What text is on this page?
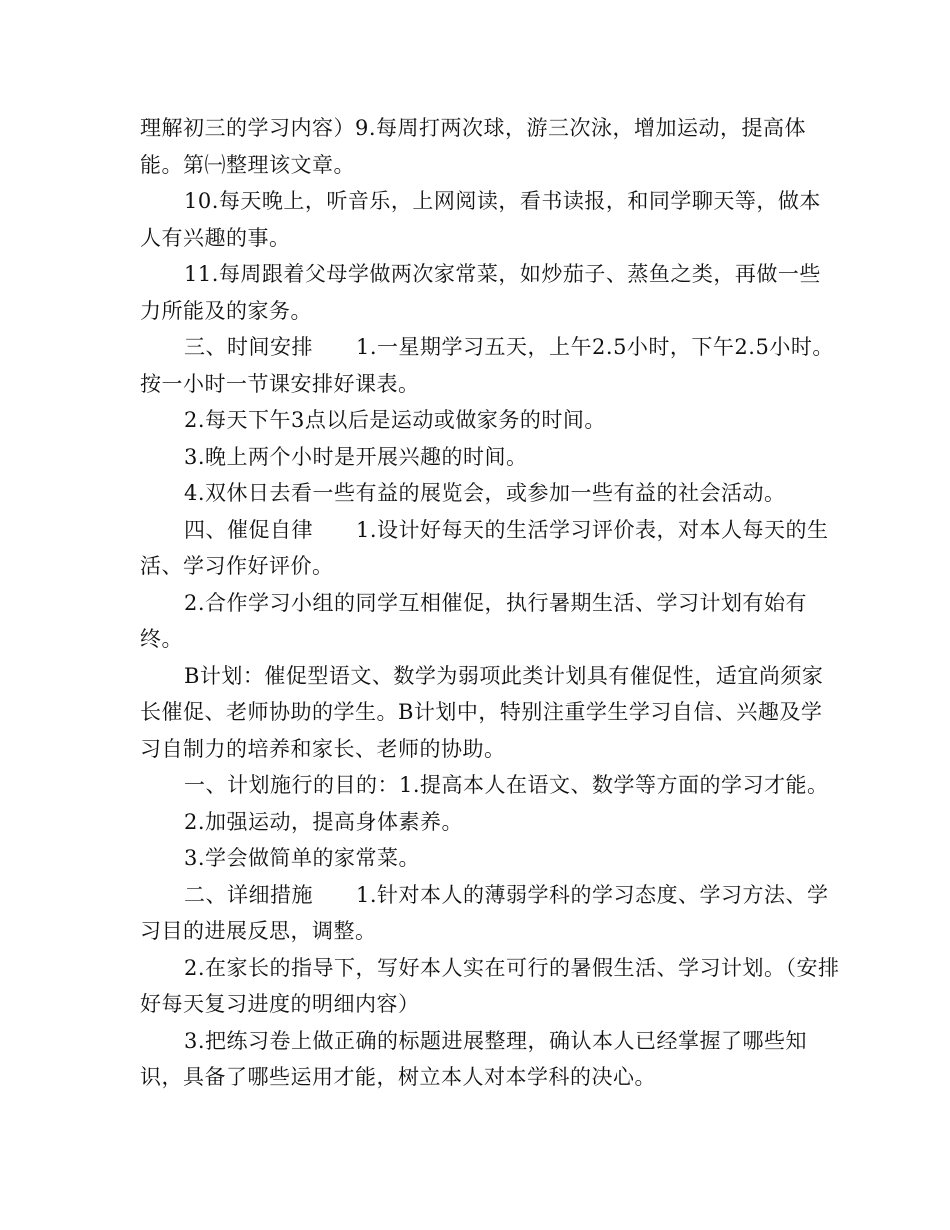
理解初三的学习内容）9.每周打两次球，游三次泳，增加运动，提高体能。第㈠整理该文章。

10.每天晚上，听音乐，上网阅读，看书读报，和同学聊天等，做本人有兴趣的事。

11.每周跟着父母学做两次家常菜，如炒茄子、蒸鱼之类，再做一些力所能及的家务。

三、时间安排　　1.一星期学习五天，上午2.5小时，下午2.5小时。按一小时一节课安排好课表。

2.每天下午3点以后是运动或做家务的时间。

3.晚上两个小时是开展兴趣的时间。

4.双休日去看一些有益的展览会，或参加一些有益的社会活动。

四、催促自律　　1.设计好每天的生活学习评价表，对本人每天的生活、学习作好评价。

2.合作学习小组的同学互相催促，执行暑期生活、学习计划有始有终。

B计划：催促型语文、数学为弱项此类计划具有催促性，适宜尚须家长催促、老师协助的学生。B计划中，特别注重学生学习自信、兴趣及学习自制力的培养和家长、老师的协助。

一、计划施行的目的：1.提高本人在语文、数学等方面的学习才能。

2.加强运动，提高身体素养。

3.学会做简单的家常菜。

二、详细措施　　1.针对本人的薄弱学科的学习态度、学习方法、学习目的进展反思，调整。

2.在家长的指导下，写好本人实在可行的暑假生活、学习计划。（安排好每天复习进度的明细内容）

3.把练习卷上做正确的标题进展整理，确认本人已经掌握了哪些知识，具备了哪些运用才能，树立本人对本学科的决心。
